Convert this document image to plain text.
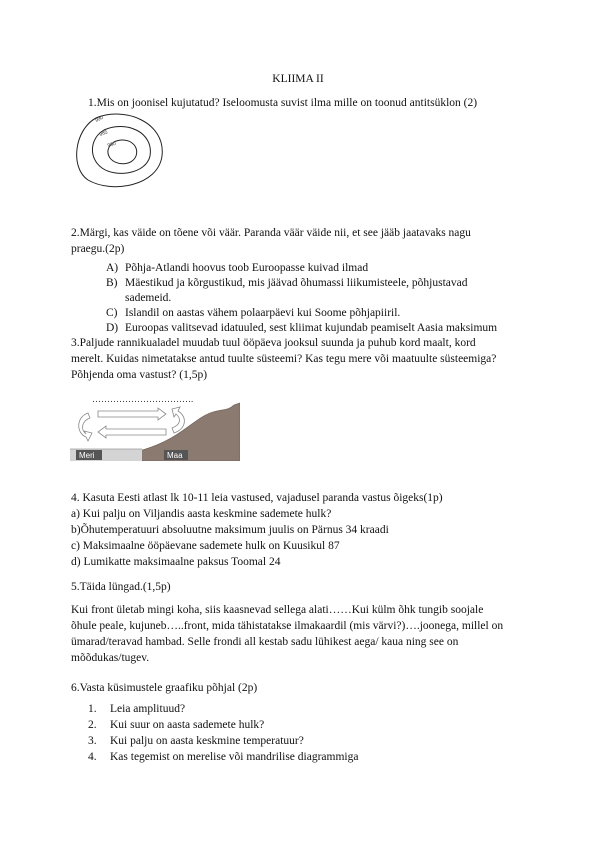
KLIIMA II
1.Mis on joonisel kujutatud? Iseloomusta suvist ilma mille on toonud antitsüklon (2)
990
985
980
2.Märgi, kas väide on tõene või väär. Paranda väär väide nii, et see jääb jaatavaks nagu
praegu.(2p)
A) Põhja-Atlandi hoovus toob Euroopasse kuivad ilmad
B) Mäestikud ja kõrgustikud, mis jäävad õhumassi liikumisteele, põhjustavad
sademeid.
C) Islandil on aastas vähem polaarpäevi kui Soome põhjapiiril.
D) Euroopas valitsevad idatuuled, sest kliimat kujundab peamiselt Aasia maksimum
3.Paljude rannikualadel muudab tuul ööpäeva jooksul suunda ja puhub kord maalt, kord
merelt. Kuidas nimetatakse antud tuulte süsteemi? Kas tegu mere või maatuulte süsteemiga?
Põhjenda oma vastust? (1,5p)
…………………………….
Meri	Maa
4. Kasuta Eesti atlast lk 10-11 leia vastused, vajadusel paranda vastus õigeks(1p)
a) Kui palju on Viljandis aasta keskmine sademete hulk?
b)Õhutemperatuuri absoluutne maksimum juulis on Pärnus 34 kraadi
c) Maksimaalne ööpäevane sademete hulk on Kuusikul 87
d) Lumikatte maksimaalne paksus Toomal 24
5.Täida lüngad.(1,5p)
Kui front ületab mingi koha, siis kaasnevad sellega alati……Kui külm õhk tungib soojale
õhule peale, kujuneb…..front, mida tähistatakse ilmakaardil (mis värvi?)….joonega, millel on
ümarad/teravad hambad. Selle frondi all kestab sadu lühikest aega/ kaua ning see on
mõõdukas/tugev.
6.Vasta küsimustele graafiku põhjal (2p)
1. Leia amplituud?
2. Kui suur on aasta sademete hulk?
3. Kui palju on aasta keskmine temperatuur?
4. Kas tegemist on merelise või mandrilise diagrammiga
